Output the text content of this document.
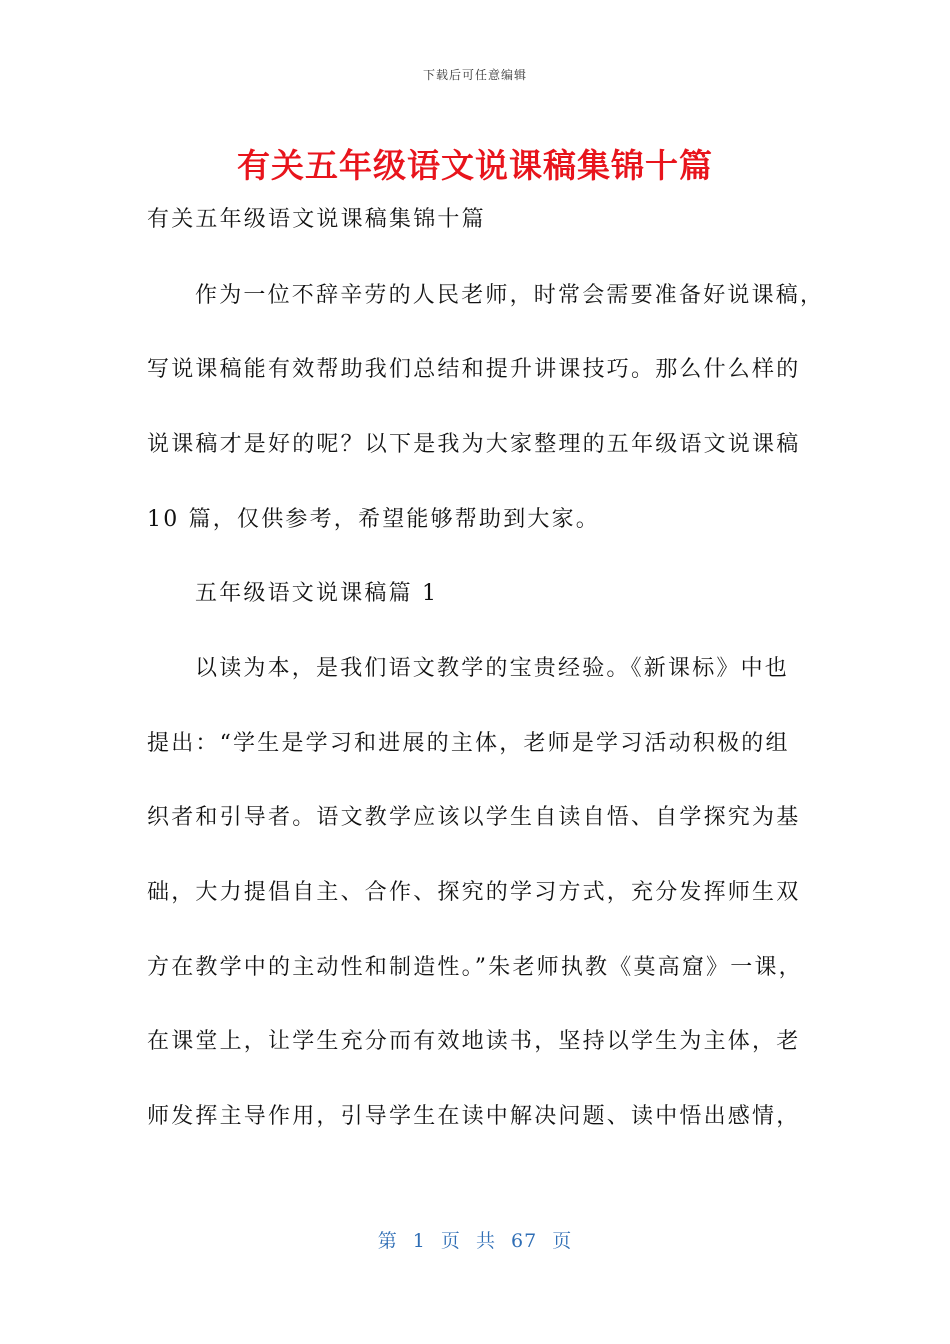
下载后可任意编辑
有关五年级语文说课稿集锦十篇
有关五年级语文说课稿集锦十篇
作为一位不辞辛劳的人民老师，时常会需要准备好说课稿，
写说课稿能有效帮助我们总结和提升讲课技巧。那么什么样的
说课稿才是好的呢？以下是我为大家整理的五年级语文说课稿
10 篇，仅供参考，希望能够帮助到大家。
五年级语文说课稿篇 1
以读为本，是我们语文教学的宝贵经验。《新课标》中也
提出：“学生是学习和进展的主体，老师是学习活动积极的组
织者和引导者。语文教学应该以学生自读自悟、自学探究为基
础，大力提倡自主、合作、探究的学习方式，充分发挥师生双
方在教学中的主动性和制造性。”朱老师执教《莫高窟》一课，
在课堂上，让学生充分而有效地读书，坚持以学生为主体，老
师发挥主导作用，引导学生在读中解决问题、读中悟出感情，
第 1 页 共 67 页
